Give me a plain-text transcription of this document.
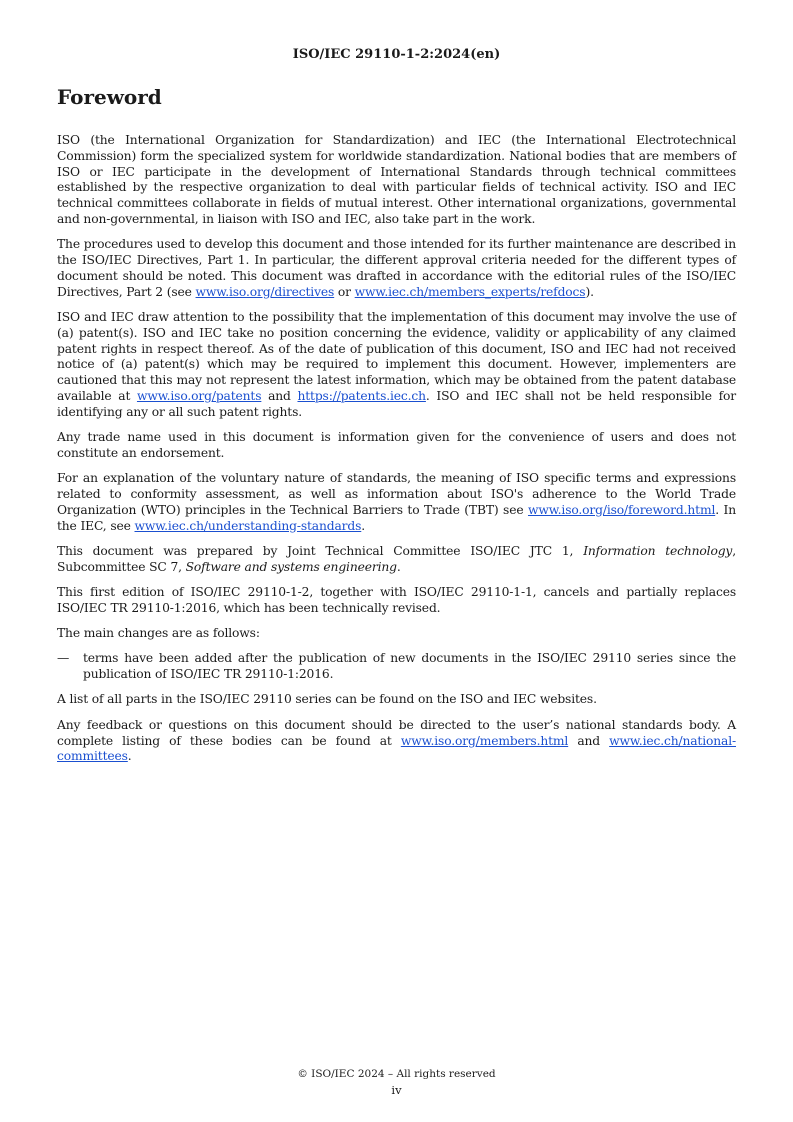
ISO/IEC 29110-1-2:2024(en)
Foreword

ISO (the International Organization for Standardization) and IEC (the International Electrotechnical Commission) form the specialized system for worldwide standardization. National bodies that are members of ISO or IEC participate in the development of International Standards through technical committees established by the respective organization to deal with particular fields of technical activity. ISO and IEC technical committees collaborate in fields of mutual interest. Other international organizations, governmental and non-governmental, in liaison with ISO and IEC, also take part in the work.

The procedures used to develop this document and those intended for its further maintenance are described in the ISO/IEC Directives, Part 1. In particular, the different approval criteria needed for the different types of document should be noted. This document was drafted in accordance with the editorial rules of the ISO/IEC Directives, Part 2 (see www.iso.org/directives or www.iec.ch/members_experts/refdocs).

ISO and IEC draw attention to the possibility that the implementation of this document may involve the use of (a) patent(s). ISO and IEC take no position concerning the evidence, validity or applicability of any claimed patent rights in respect thereof. As of the date of publication of this document, ISO and IEC had not received notice of (a) patent(s) which may be required to implement this document. However, implementers are cautioned that this may not represent the latest information, which may be obtained from the patent database available at www.iso.org/patents and https://patents.iec.ch. ISO and IEC shall not be held responsible for identifying any or all such patent rights.

Any trade name used in this document is information given for the convenience of users and does not constitute an endorsement.

For an explanation of the voluntary nature of standards, the meaning of ISO specific terms and expressions related to conformity assessment, as well as information about ISO's adherence to the World Trade Organization (WTO) principles in the Technical Barriers to Trade (TBT) see www.iso.org/iso/foreword.html. In the IEC, see www.iec.ch/understanding-standards.

This document was prepared by Joint Technical Committee ISO/IEC JTC 1, Information technology, Subcommittee SC 7, Software and systems engineering.

This first edition of ISO/IEC 29110-1-2, together with ISO/IEC 29110-1-1, cancels and partially replaces ISO/IEC TR 29110-1:2016, which has been technically revised.

The main changes are as follows:

—	terms have been added after the publication of new documents in the ISO/IEC 29110 series since the publication of ISO/IEC TR 29110-1:2016.

A list of all parts in the ISO/IEC 29110 series can be found on the ISO and IEC websites.

Any feedback or questions on this document should be directed to the user’s national standards body. A complete listing of these bodies can be found at www.iso.org/members.html and www.iec.ch/national-committees.

© ISO/IEC 2024 – All rights reserved
iv
